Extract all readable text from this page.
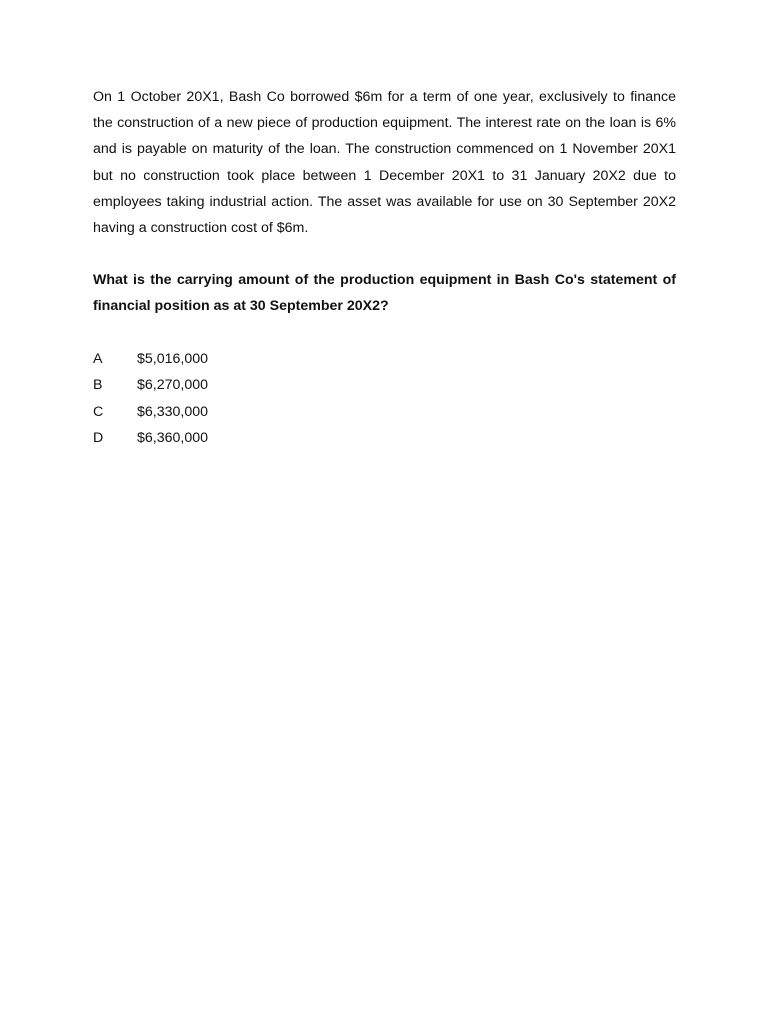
On 1 October 20X1, Bash Co borrowed $6m for a term of one year, exclusively to finance the construction of a new piece of production equipment. The interest rate on the loan is 6% and is payable on maturity of the loan. The construction commenced on 1 November 20X1 but no construction took place between 1 December 20X1 to 31 January 20X2 due to employees taking industrial action. The asset was available for use on 30 September 20X2 having a construction cost of $6m.

What is the carrying amount of the production equipment in Bash Co's statement of financial position as at 30 September 20X2?

A	$5,016,000
B	$6,270,000
C	$6,330,000
D	$6,360,000
